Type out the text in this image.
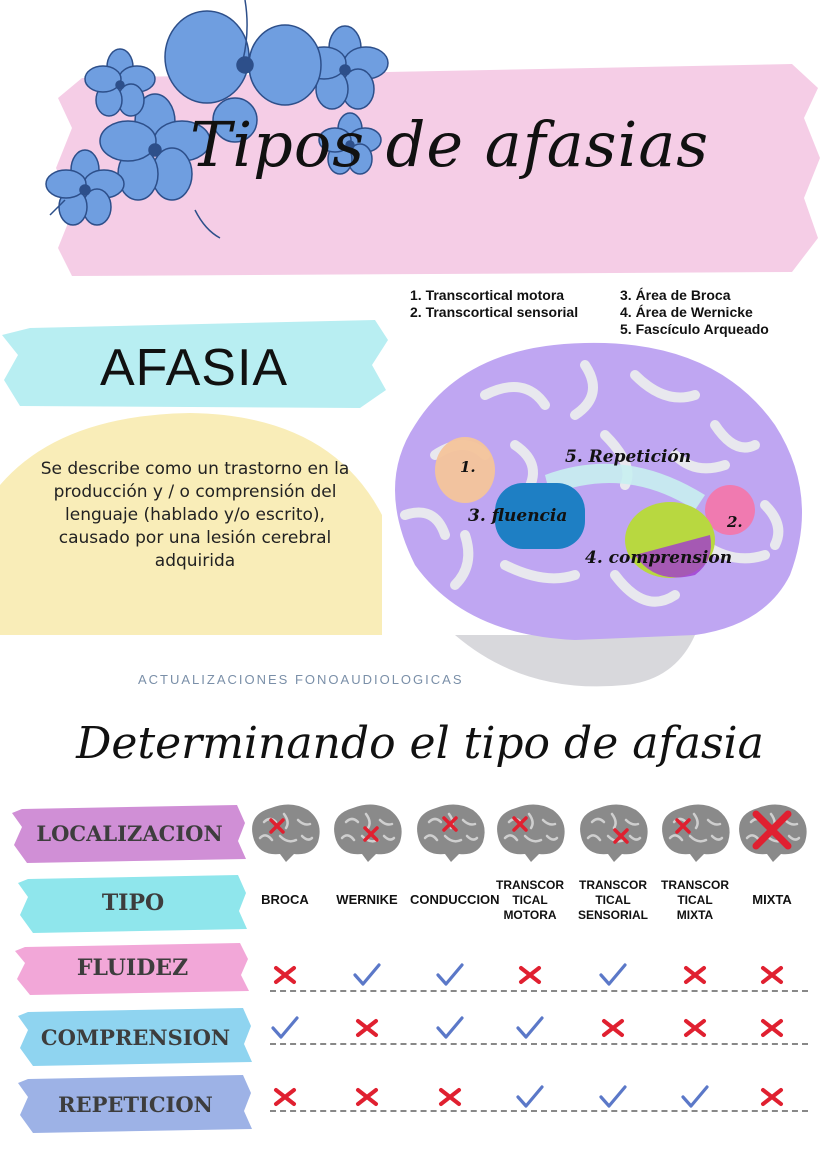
Tipos de afasias
1. Transcortical motora
2. Transcortical sensorial
3. Área de Broca
4. Área de Wernicke
5. Fascículo Arqueado
AFASIA
Se describe como un trastorno en la producción y / o comprensión del lenguaje (hablado y/o escrito), causado por una lesión cerebral adquirida
1.
2.
3. fluencia
4. comprension
5. Repetición
ACTUALIZACIONES FONOAUDIOLOGICAS
Determinando el tipo de afasia
LOCALIZACION
TIPO
FLUIDEZ
COMPRENSION
REPETICION
BROCA	WERNIKE CONDUCCION
TRANSCOR
TICAL
MOTORA
TRANSCOR
TICAL
SENSORIAL
TRANSCOR
TICAL
MIXTA
MIXTA
